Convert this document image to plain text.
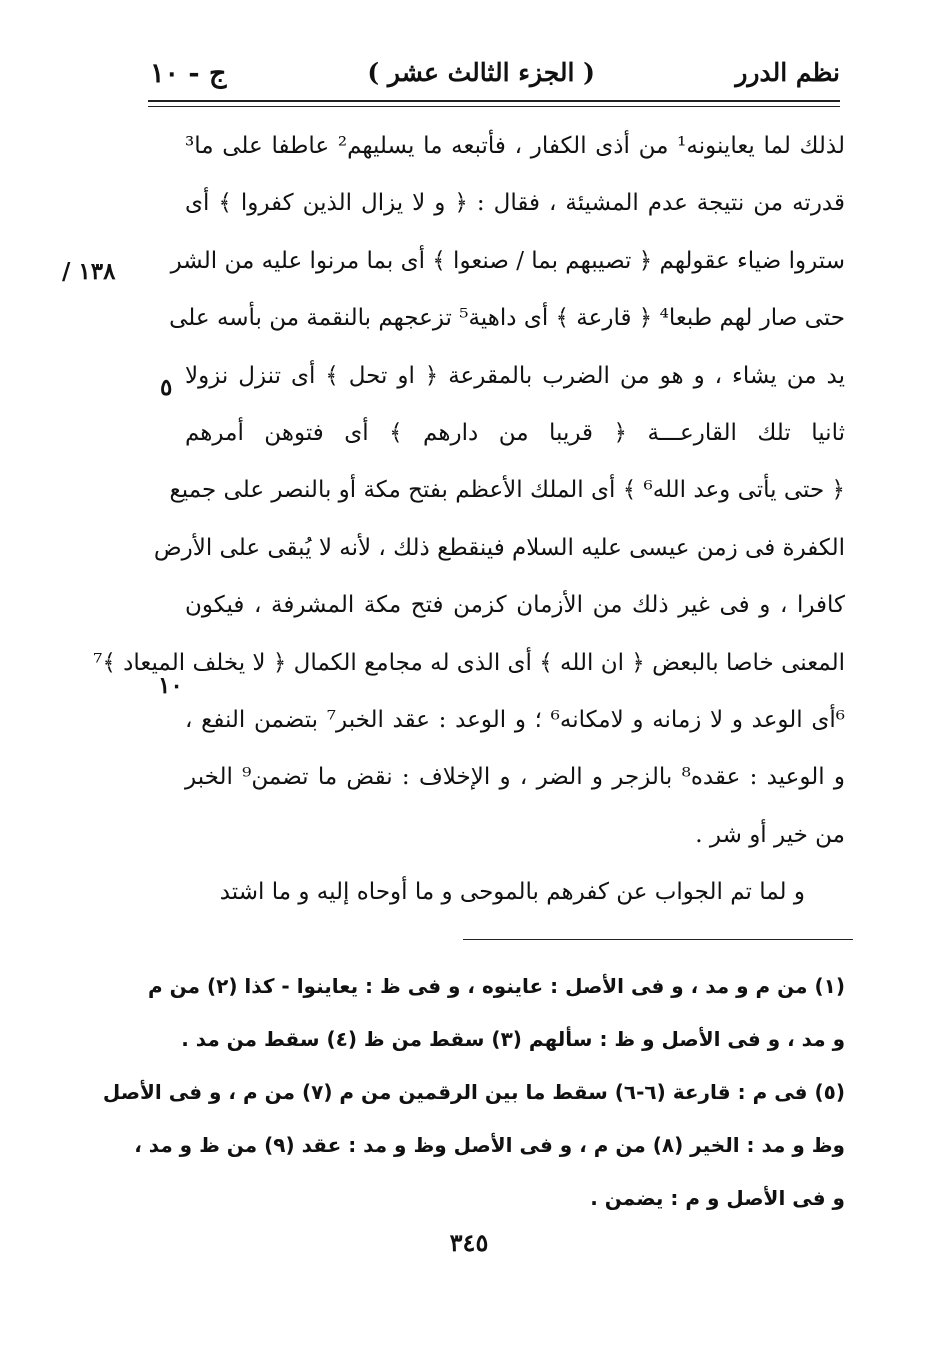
نظم الدرر
( الجزء الثالث عشر )
ج - ١٠
١٣٨ /
٥
١٠
لذلك لما يعاينونه¹ من أذى الكفار ، فأتبعه ما يسليهم² عاطفا على ما³
قدرته من نتيجة عدم المشيئة ، فقال : ﴿ و لا يزال الذين كفروا ﴾ أى
ستروا ضياء عقولهم ﴿ تصيبهم بما / صنعوا ﴾ أى بما مرنوا عليه من الشر
حتى صار لهم طبعا⁴ ﴿ قارعة ﴾ أى داهية⁵ تزعجهم بالنقمة من بأسه على
يد من يشاء ، و هو من الضرب بالمقرعة ﴿ او تحل ﴾ أى تنزل نزولا
ثانيا تلك القارعـــة ﴿ قريبا من دارهم ﴾ أى فتوهن أمرهم
﴿ حتى يأتى وعد الله⁶ ﴾ أى الملك الأعظم بفتح مكة أو بالنصر على جميع
الكفرة فى زمن عيسى عليه السلام فينقطع ذلك ، لأنه لا يُبقى على الأرض
كافرا ، و فى غير ذلك من الأزمان كزمن فتح مكة المشرفة ، فيكون
المعنى خاصا بالبعض ﴿ ان الله ﴾ أى الذى له مجامع الكمال ﴿ لا يخلف الميعاد ﴾⁷
⁶أى الوعد و لا زمانه و لامكانه⁶ ؛ و الوعد : عقد الخبر⁷ بتضمن النفع ،
و الوعيد : عقده⁸ بالزجر و الضر ، و الإخلاف : نقض ما تضمن⁹ الخبر
من خير أو شر .
و لما تم الجواب عن كفرهم بالموحى و ما أوحاه إليه و ما اشتد
(١) من م و مد ، و فى الأصل : عاينوه ، و فى ظ : يعاينوا - كذا (٢) من م
و مد ، و فى الأصل و ظ : سألهم (٣) سقط من ظ (٤) سقط من مد .
(٥) فى م : قارعة (٦-٦) سقط ما بين الرقمين من م (٧) من م ، و فى الأصل
وظ و مد : الخير (٨) من م ، و فى الأصل وظ و مد : عقد (٩) من ظ و مد ،
و فى الأصل و م : يضمن .
٣٤٥
